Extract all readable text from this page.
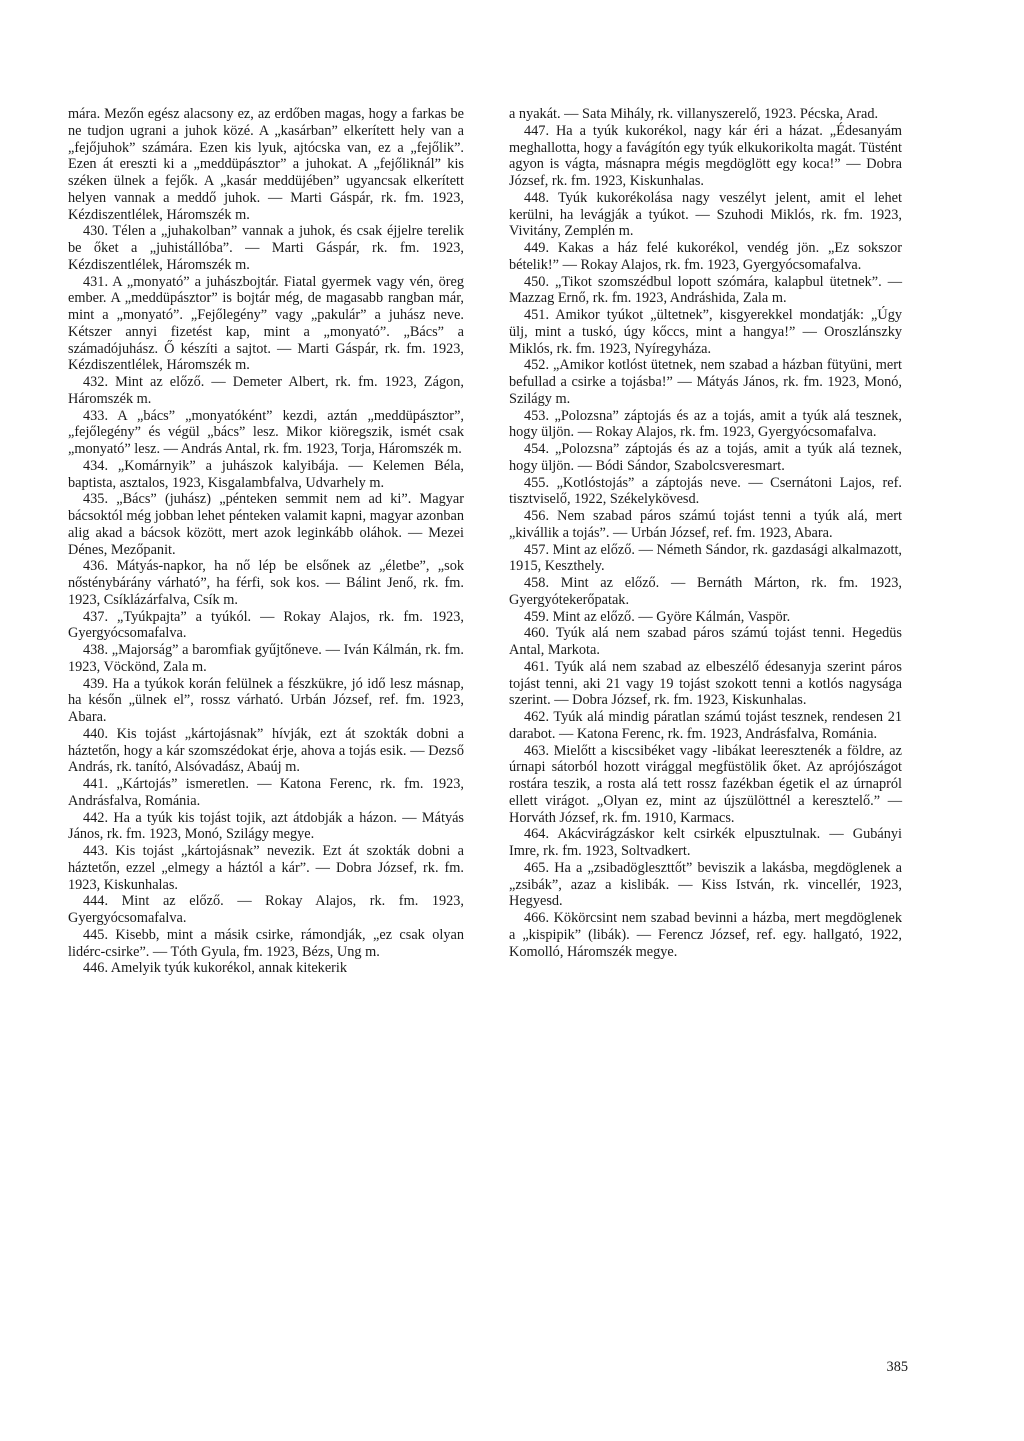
mára. Mezőn egész alacsony ez, az erdőben magas, hogy a farkas be ne tudjon ugrani a juhok közé. A „kasárban” elkerített hely van a „fejőjuhok” számára. Ezen kis lyuk, ajtócska van, ez a „fejőlik”. Ezen át ereszti ki a „meddüpásztor” a juhokat. A „fejőliknál” kis széken ülnek a fejők. A „kasár meddüjében” ugyancsak elkerített helyen vannak a meddő juhok. — Marti Gáspár, rk. fm. 1923, Kézdiszentlélek, Háromszék m.

430. Télen a „juhakolban” vannak a juhok, és csak éjjelre terelik be őket a „juhistállóba”. — Marti Gáspár, rk. fm. 1923, Kézdiszentlélek, Háromszék m.

431. A „monyató” a juhászbojtár. Fiatal gyermek vagy vén, öreg ember. A „meddüpásztor” is bojtár még, de magasabb rangban már, mint a „monyató”. „Fejőlegény” vagy „pakulár” a juhász neve. Kétszer annyi fizetést kap, mint a „monyató”. „Bács” a számadójuhász. Ő készíti a sajtot. — Marti Gáspár, rk. fm. 1923, Kézdiszentlélek, Háromszék m.

432. Mint az előző. — Demeter Albert, rk. fm. 1923, Zágon, Háromszék m.

433. A „bács” „monyatóként” kezdi, aztán „meddüpásztor”, „fejőlegény” és végül „bács” lesz. Mikor kiöregszik, ismét csak „monyató” lesz. — András Antal, rk. fm. 1923, Torja, Háromszék m.

434. „Komárnyik” a juhászok kalyibája. — Kelemen Béla, baptista, asztalos, 1923, Kisgalambfalva, Udvarhely m.

435. „Bács” (juhász) „pénteken semmit nem ad ki”. Magyar bácsoktól még jobban lehet pénteken valamit kapni, magyar azonban alig akad a bácsok között, mert azok leginkább oláhok. — Mezei Dénes, Mezőpanit.

436. Mátyás-napkor, ha nő lép be elsőnek az „életbe”, „sok nősténybárány várható”, ha férfi, sok kos. — Bálint Jenő, rk. fm. 1923, Csíklázárfalva, Csík m.

437. „Tyúkpajta” a tyúkól. — Rokay Alajos, rk. fm. 1923, Gyergyócsomafalva.

438. „Majorság” a baromfiak gyűjtőneve. — Iván Kálmán, rk. fm. 1923, Vöckönd, Zala m.

439. Ha a tyúkok korán felülnek a fészkükre, jó idő lesz másnap, ha későn „ülnek el”, rossz várható. Urbán József, ref. fm. 1923, Abara.

440. Kis tojást „kártojásnak” hívják, ezt át szokták dobni a háztetőn, hogy a kár szomszédokat érje, ahova a tojás esik. — Dezső András, rk. tanító, Alsóvadász, Abaúj m.

441. „Kártojás” ismeretlen. — Katona Ferenc, rk. fm. 1923, Andrásfalva, Románia.

442. Ha a tyúk kis tojást tojik, azt átdobják a házon. — Mátyás János, rk. fm. 1923, Monó, Szilágy megye.

443. Kis tojást „kártojásnak” nevezik. Ezt át szokták dobni a háztetőn, ezzel „elmegy a háztól a kár”. — Dobra József, rk. fm. 1923, Kiskunhalas.

444. Mint az előző. — Rokay Alajos, rk. fm. 1923, Gyergyócsomafalva.

445. Kisebb, mint a másik csirke, rámondják, „ez csak olyan lidérc-csirke”. — Tóth Gyula, fm. 1923, Bézs, Ung m.

446. Amelyik tyúk kukorékol, annak kitekerik

a nyakát. — Sata Mihály, rk. villanyszerelő, 1923. Pécska, Arad.

447. Ha a tyúk kukorékol, nagy kár éri a házat. „Édesanyám meghallotta, hogy a favágítón egy tyúk elkukorikolta magát. Tüstént agyon is vágta, másnapra mégis megdöglött egy koca!” — Dobra József, rk. fm. 1923, Kiskunhalas.

448. Tyúk kukorékolása nagy veszélyt jelent, amit el lehet kerülni, ha levágják a tyúkot. — Szuhodi Miklós, rk. fm. 1923, Vivitány, Zemplén m.

449. Kakas a ház felé kukorékol, vendég jön. „Ez sokszor bételik!” — Rokay Alajos, rk. fm. 1923, Gyergyócsomafalva.

450. „Tikot szomszédbul lopott szómára, kalapbul ütetnek”. — Mazzag Ernő, rk. fm. 1923, Andráshida, Zala m.

451. Amikor tyúkot „ültetnek”, kisgyerekkel mondatják: „Úgy ülj, mint a tuskó, úgy kőccs, mint a hangya!” — Oroszlánszky Miklós, rk. fm. 1923, Nyíregyháza.

452. „Amikor kotlóst ütetnek, nem szabad a házban fütyüni, mert befullad a csirke a tojásba!” — Mátyás János, rk. fm. 1923, Monó, Szilágy m.

453. „Polozsna” záptojás és az a tojás, amit a tyúk alá tesznek, hogy üljön. — Rokay Alajos, rk. fm. 1923, Gyergyócsomafalva.

454. „Polozsna” záptojás és az a tojás, amit a tyúk alá teznek, hogy üljön. — Bódi Sándor, Szabolcsveresmart.

455. „Kotlóstojás” a záptojás neve. — Csernátoni Lajos, ref. tisztviselő, 1922, Székelykövesd.

456. Nem szabad páros számú tojást tenni a tyúk alá, mert „kivállik a tojás”. — Urbán József, ref. fm. 1923, Abara.

457. Mint az előző. — Németh Sándor, rk. gazdasági alkalmazott, 1915, Keszthely.

458. Mint az előző. — Bernáth Márton, rk. fm. 1923, Gyergyótekerőpatak.

459. Mint az előző. — Györe Kálmán, Vaspör.

460. Tyúk alá nem szabad páros számú tojást tenni. Hegedüs Antal, Markota.

461. Tyúk alá nem szabad az elbeszélő édesanyja szerint páros tojást tenni, aki 21 vagy 19 tojást szokott tenni a kotlós nagysága szerint. — Dobra József, rk. fm. 1923, Kiskunhalas.

462. Tyúk alá mindig páratlan számú tojást tesznek, rendesen 21 darabot. — Katona Ferenc, rk. fm. 1923, Andrásfalva, Románia.

463. Mielőtt a kiscsibéket vagy -libákat leeresztenék a földre, az úrnapi sátorból hozott virággal megfüstölik őket. Az aprójószágot rostára teszik, a rosta alá tett rossz fazékban égetik el az úrnapról ellett virágot. „Olyan ez, mint az újszülöttnél a keresztelő.” — Horváth József, rk. fm. 1910, Karmacs.

464. Akácvirágzáskor kelt csirkék elpusztulnak. — Gubányi Imre, rk. fm. 1923, Soltvadkert.

465. Ha a „zsibadögleszttőt” beviszik a lakásba, megdöglenek a „zsibák”, azaz a kislibák. — Kiss István, rk. vincellér, 1923, Hegyesd.

466. Kökörcsint nem szabad bevinni a házba, mert megdöglenek a „kispipik” (libák). — Ferencz József, ref. egy. hallgató, 1922, Komolló, Háromszék megye.

385
